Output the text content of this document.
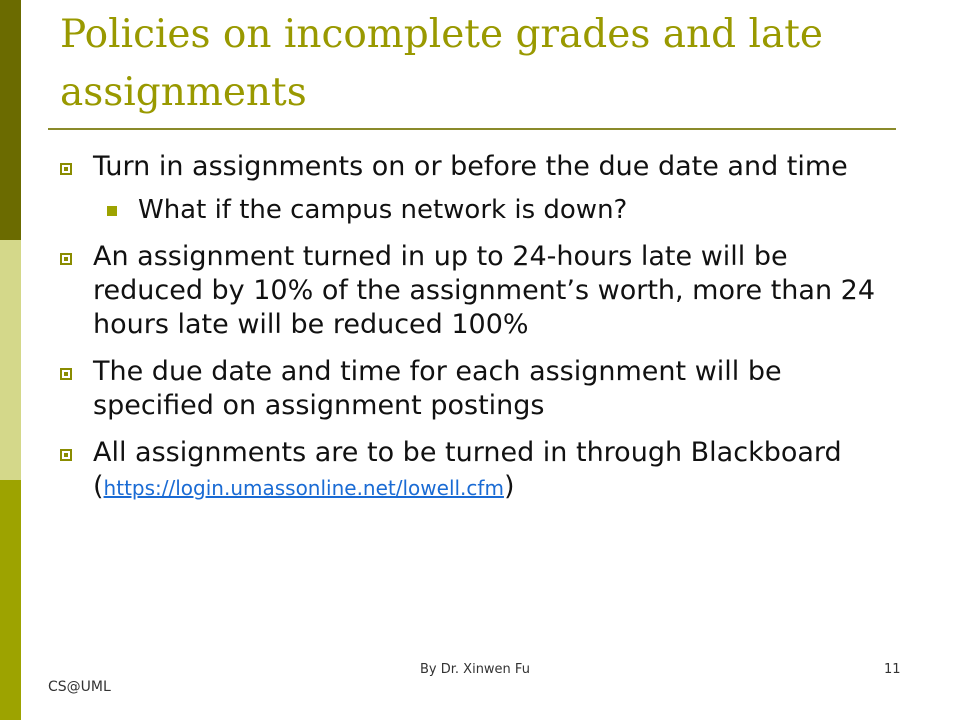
Policies on incomplete grades and late assignments
Turn in assignments on or before the due date and time
What if the campus network is down?
An assignment turned in up to 24-hours late will be reduced by 10% of the assignment’s worth, more than 24 hours late will be reduced 100%
The due date and time for each assignment will be specified on assignment postings
All assignments are to be turned in through Blackboard (https://login.umassonline.net/lowell.cfm)
By Dr. Xinwen Fu	11
CS@UML
